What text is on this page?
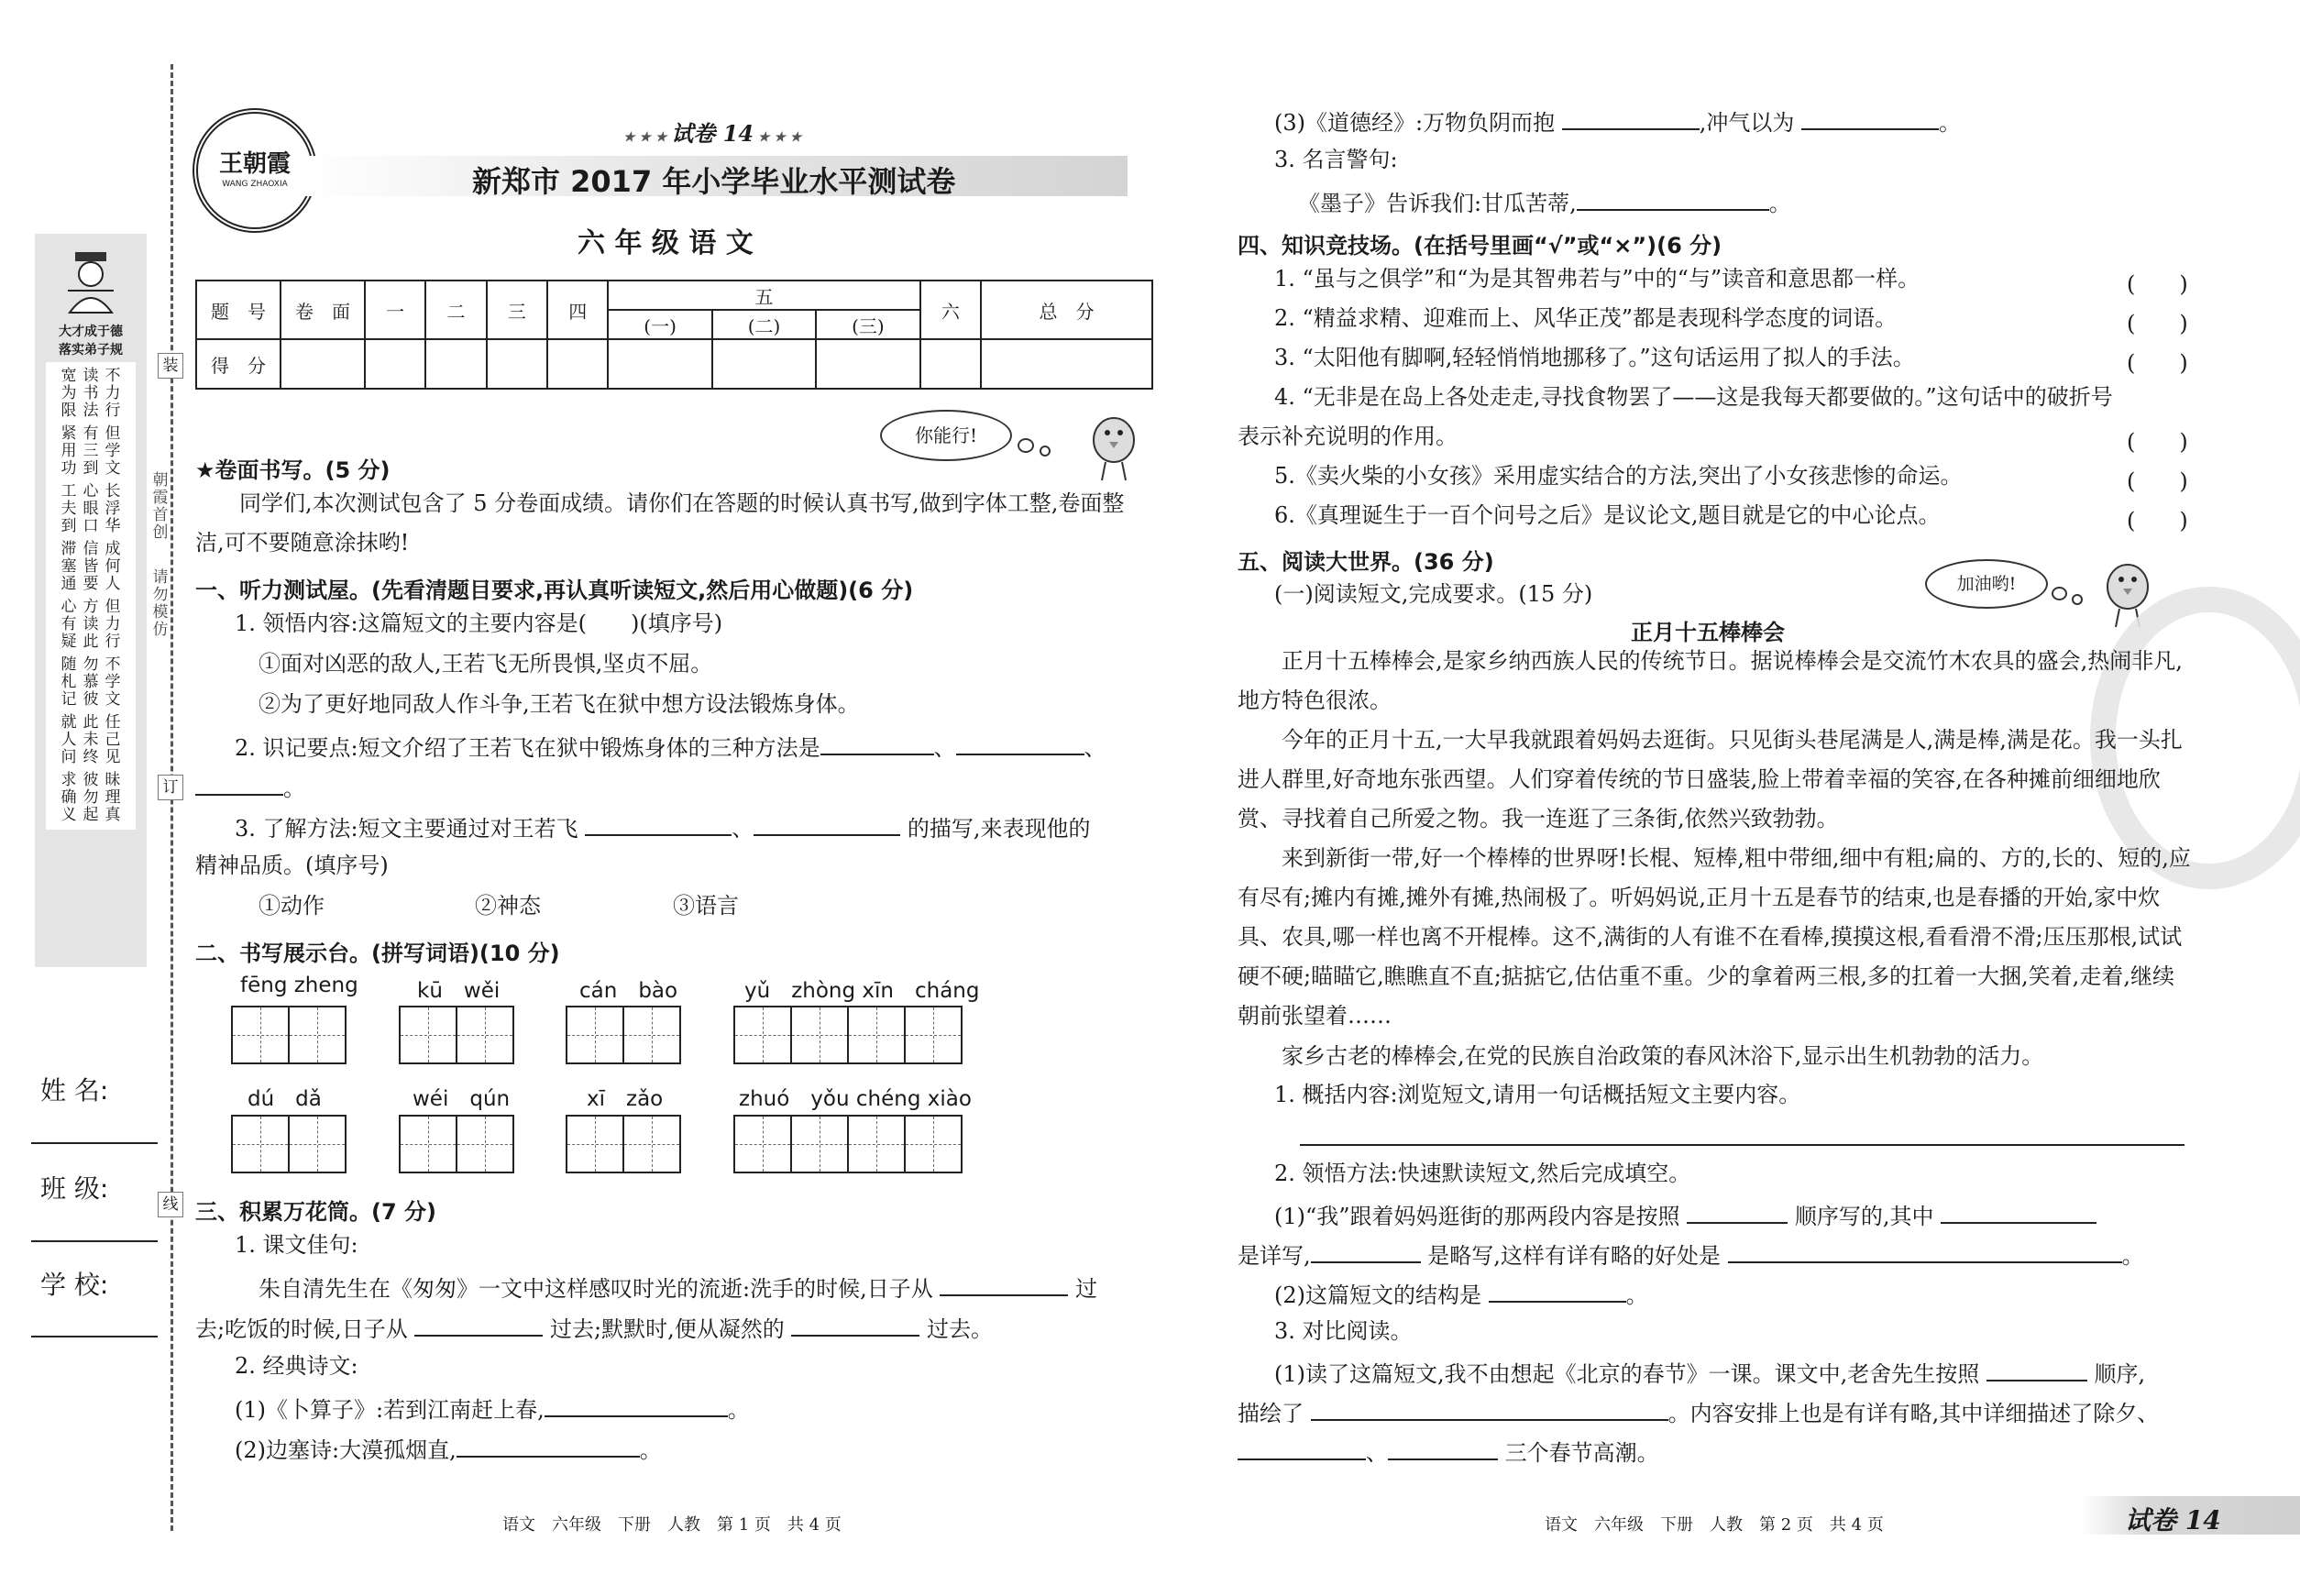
装
订
线
大才成于德
落实弟子规
宽为限读书法不力行
紧用功有三到但学文
工夫到心眼口长浮华
滞塞通信皆要成何人
心有疑方读此但力行
随札记勿慕彼不学文
就人问此未终任己见
求确义彼勿起昧理真
朝霞首创 请勿模仿
姓 名:
班 级:
学 校:
王朝霞
WANG ZHAOXIA
★ ★ ★ 试卷 14 ★ ★ ★
新郑市 2017 年小学毕业水平测试卷
六 年 级 语 文
题　号	卷　面	一	二	三	四	五			六	总　分
						(一)	(二)	(三)		
得　分										
你能行!
★卷面书写。(5 分)
同学们,本次测试包含了 5 分卷面成绩。请你们在答题的时候认真书写,做到字体工整,卷面整洁,可不要随意涂抹哟!
一、听力测试屋。(先看清题目要求,再认真听读短文,然后用心做题)(6 分)
1. 领悟内容:这篇短文的主要内容是(　　)(填序号)
①面对凶恶的敌人,王若飞无所畏惧,坚贞不屈。
②为了更好地同敌人作斗争,王若飞在狱中想方设法锻炼身体。
2. 识记要点:短文介绍了王若飞在狱中锻炼身体的三种方法是	、	、
。
3. 了解方法:短文主要通过对王若飞	、	的描写,来表现他的
精神品质。(填序号)
①动作	②神态	③语言
二、书写展示台。(拼写词语)(10 分)
fēng zheng	kū　wěi	cán　bào	yǔ　zhòng xīn　cháng
dú　dǎ	wéi　qún	xī　zǎo	zhuó　yǒu chéng xiào
三、积累万花筒。(7 分)
1. 课文佳句:
朱自清先生在《匆匆》一文中这样感叹时光的流逝:洗手的时候,日子从	过
去;吃饭的时候,日子从	过去;默默时,便从凝然的	过去。
2. 经典诗文:
(1)《卜算子》:若到江南赶上春,	。
(2)边塞诗:大漠孤烟直,	。
语文　六年级　下册　人教　第 1 页　共 4 页
(3)《道德经》:万物负阴而抱	,冲气以为	。
3. 名言警句:
《墨子》告诉我们:甘瓜苦蒂,	。
四、知识竞技场。(在括号里画“√”或“×”)(6 分)
1. “虽与之俱学”和“为是其智弗若与”中的“与”读音和意思都一样。	(　　)
2. “精益求精、迎难而上、风华正茂”都是表现科学态度的词语。	(　　)
3. “太阳他有脚啊,轻轻悄悄地挪移了。”这句话运用了拟人的手法。	(　　)
4. “无非是在岛上各处走走,寻找食物罢了——这是我每天都要做的。”这句话中的破折号
表示补充说明的作用。	(　　)
5.《卖火柴的小女孩》采用虚实结合的方法,突出了小女孩悲惨的命运。	(　　)
6.《真理诞生于一百个问号之后》是议论文,题目就是它的中心论点。	(　　)
五、阅读大世界。(36 分)
(一)阅读短文,完成要求。(15 分)	加油哟!
正月十五棒棒会
正月十五棒棒会,是家乡纳西族人民的传统节日。据说棒棒会是交流竹木农具的盛会,热闹非凡,地方特色很浓。
今年的正月十五,一大早我就跟着妈妈去逛街。只见街头巷尾满是人,满是棒,满是花。我一头扎进人群里,好奇地东张西望。人们穿着传统的节日盛装,脸上带着幸福的笑容,在各种摊前细细地欣赏、寻找着自己所爱之物。我一连逛了三条街,依然兴致勃勃。
来到新街一带,好一个棒棒的世界呀!长棍、短棒,粗中带细,细中有粗;扁的、方的,长的、短的,应有尽有;摊内有摊,摊外有摊,热闹极了。听妈妈说,正月十五是春节的结束,也是春播的开始,家中炊具、农具,哪一样也离不开棍棒。这不,满街的人有谁不在看棒,摸摸这根,看看滑不滑;压压那根,试试硬不硬;瞄瞄它,瞧瞧直不直;掂掂它,估估重不重。少的拿着两三根,多的扛着一大捆,笑着,走着,继续朝前张望着……
家乡古老的棒棒会,在党的民族自治政策的春风沐浴下,显示出生机勃勃的活力。
1. 概括内容:浏览短文,请用一句话概括短文主要内容。
2. 领悟方法:快速默读短文,然后完成填空。
(1)“我”跟着妈妈逛街的那两段内容是按照	顺序写的,其中
是详写,	是略写,这样有详有略的好处是	。
(2)这篇短文的结构是	。
3. 对比阅读。
(1)读了这篇短文,我不由想起《北京的春节》一课。课文中,老舍先生按照	顺序,
描绘了	。内容安排上也是有详有略,其中详细描述了除夕、
、	三个春节高潮。
语文　六年级　下册　人教　第 2 页　共 4 页	试卷 14
